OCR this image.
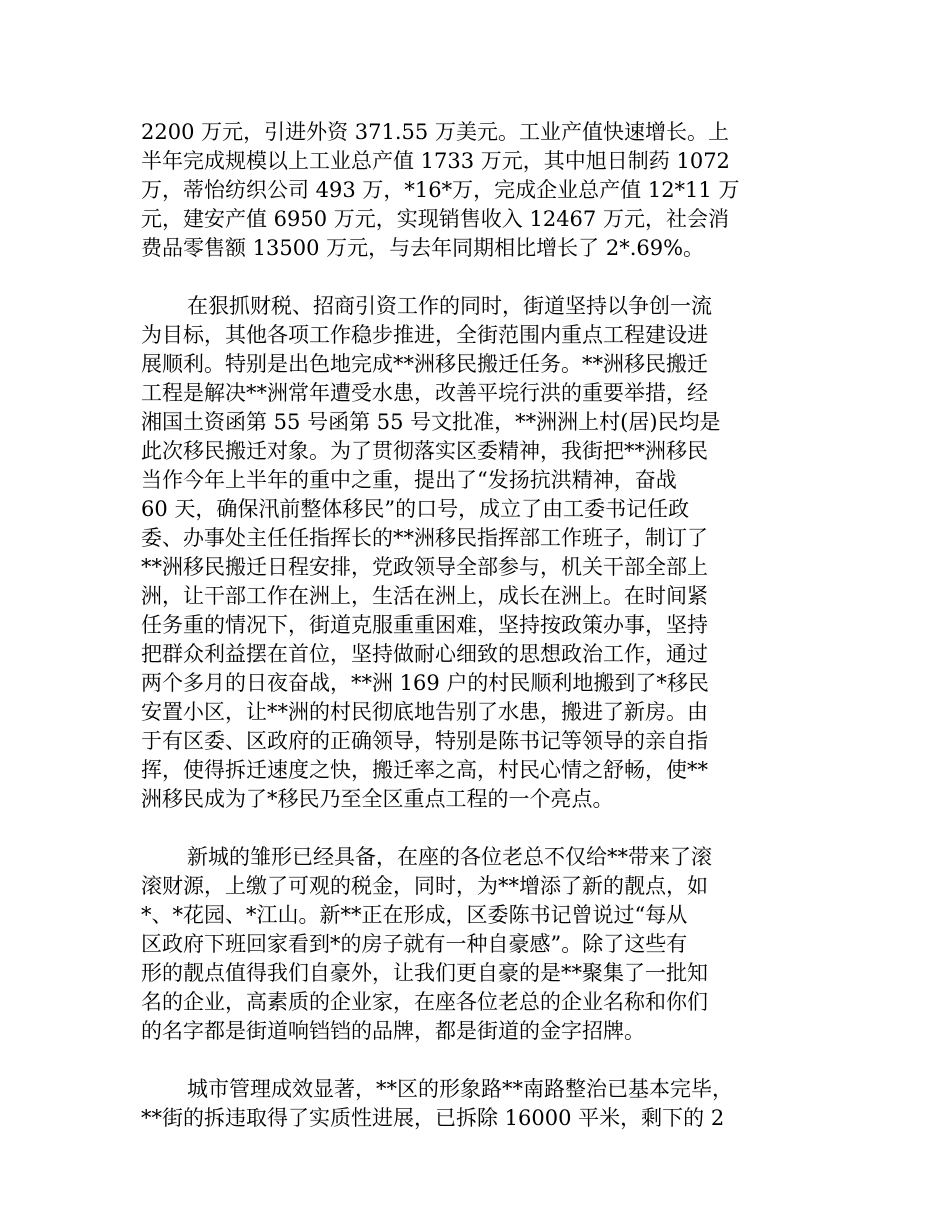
2200 万元，引进外资 371.55 万美元。工业产值快速增长。上
半年完成规模以上工业总产值 1733 万元，其中旭日制药 1072
万，蒂怡纺织公司 493 万，*16*万，完成企业总产值 12*11 万
元，建安产值 6950 万元，实现销售收入 12467 万元，社会消
费品零售额 13500 万元，与去年同期相比增长了 2*.69%。
在狠抓财税、招商引资工作的同时，街道坚持以争创一流
为目标，其他各项工作稳步推进，全街范围内重点工程建设进
展顺利。特别是出色地完成**洲移民搬迁任务。**洲移民搬迁
工程是解决**洲常年遭受水患，改善平垸行洪的重要举措，经
湘国土资函第 55 号函第 55 号文批准，**洲洲上村(居)民均是
此次移民搬迁对象。为了贯彻落实区委精神，我街把**洲移民
当作今年上半年的重中之重，提出了“发扬抗洪精神，奋战
60 天，确保汛前整体移民”的口号，成立了由工委书记任政
委、办事处主任任指挥长的**洲移民指挥部工作班子，制订了
**洲移民搬迁日程安排，党政领导全部参与，机关干部全部上
洲，让干部工作在洲上，生活在洲上，成长在洲上。在时间紧
任务重的情况下，街道克服重重困难，坚持按政策办事，坚持
把群众利益摆在首位，坚持做耐心细致的思想政治工作，通过
两个多月的日夜奋战，**洲 169 户的村民顺利地搬到了*移民
安置小区，让**洲的村民彻底地告别了水患，搬进了新房。由
于有区委、区政府的正确领导，特别是陈书记等领导的亲自指
挥，使得拆迁速度之快，搬迁率之高，村民心情之舒畅，使**
洲移民成为了*移民乃至全区重点工程的一个亮点。
新城的雏形已经具备，在座的各位老总不仅给**带来了滚
滚财源，上缴了可观的税金，同时，为**增添了新的靓点，如
*、*花园、*江山。新**正在形成，区委陈书记曾说过“每从
区政府下班回家看到*的房子就有一种自豪感”。除了这些有
形的靓点值得我们自豪外，让我们更自豪的是**聚集了一批知
名的企业，高素质的企业家，在座各位老总的企业名称和你们
的名字都是街道响铛铛的品牌，都是街道的金字招牌。
城市管理成效显著，**区的形象路**南路整治已基本完毕，
**街的拆违取得了实质性进展，已拆除 16000 平米，剩下的 2
